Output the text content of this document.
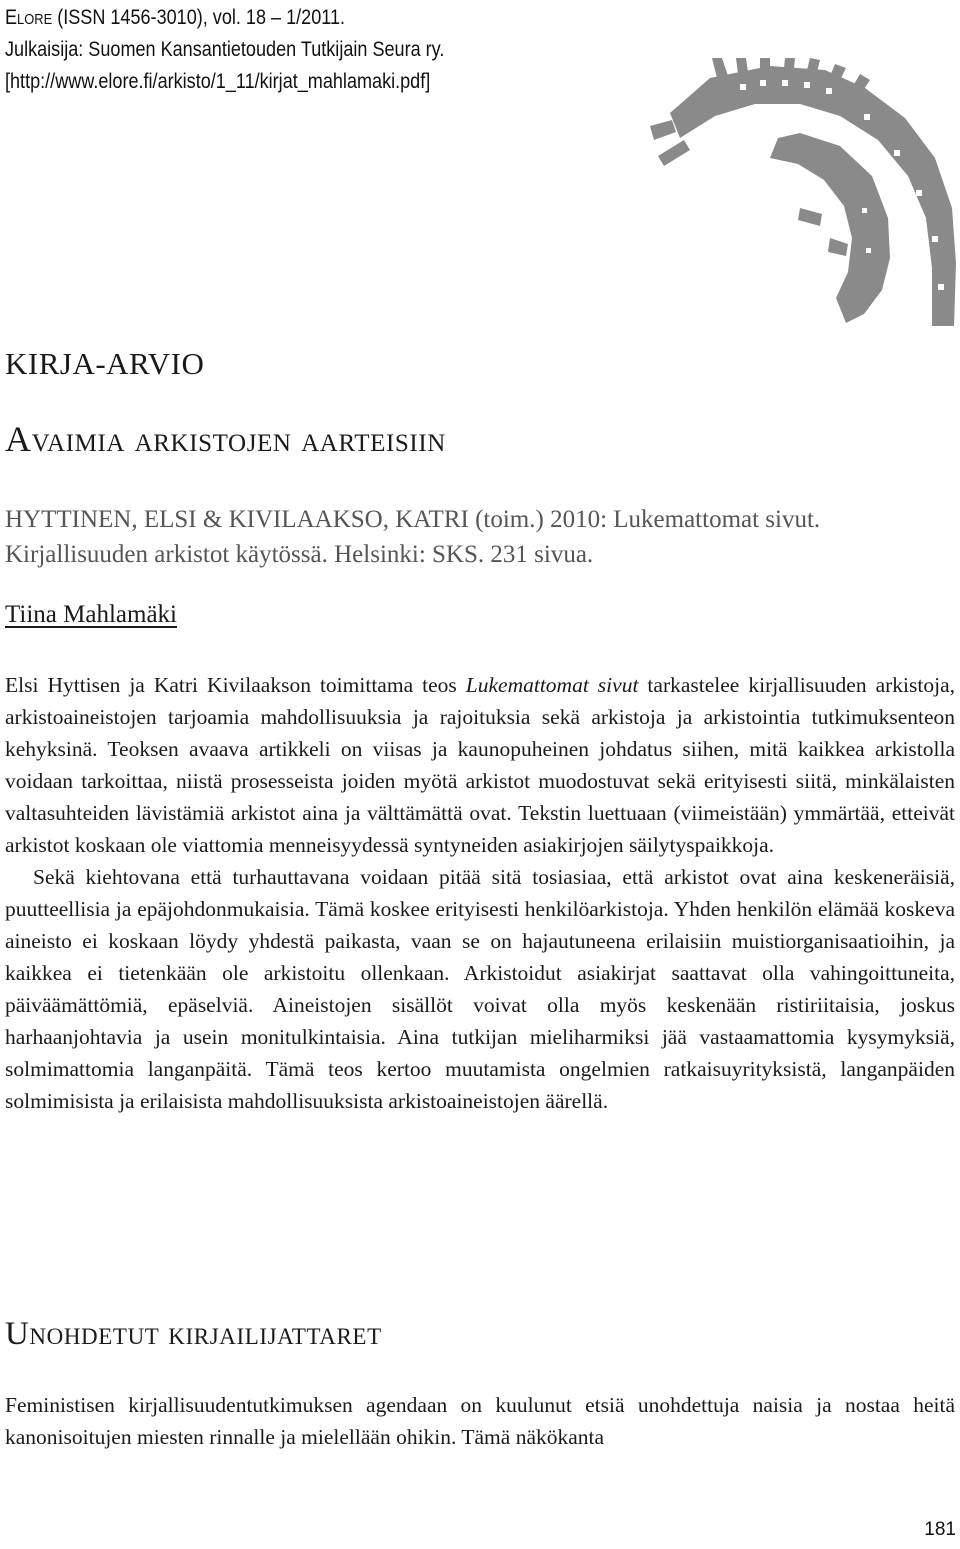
Elore (ISSN 1456-3010), vol. 18 – 1/2011.
Julkaisija: Suomen Kansantietouden Tutkijain Seura ry.
[http://www.elore.fi/arkisto/1_11/kirjat_mahlamaki.pdf]
KIRJA-ARVIO
Avaimia arkistojen aarteisiin
HYTTINEN, ELSI & KIVILAAKSO, KATRI (toim.) 2010: Lukemattomat sivut.
Kirjallisuuden arkistot käytössä. Helsinki: SKS. 231 sivua.
Tiina Mahlamäki

Elsi Hyttisen ja Katri Kivilaakson toimittama teos Lukemattomat sivut tarkastelee kirjallisuuden arkistoja, arkistoaineistojen tarjoamia mahdollisuuksia ja rajoituksia sekä arkistoja ja arkistointia tutkimuksenteon kehyksinä. Teoksen avaava artikkeli on viisas ja kaunopuheinen johdatus siihen, mitä kaikkea arkistolla voidaan tarkoittaa, niistä prosesseista joiden myötä arkistot muodostuvat sekä erityisesti siitä, minkälaisten valtasuhteiden lävistämiä arkistot aina ja välttämättä ovat. Tekstin luettuaan (viimeistään) ymmärtää, etteivät arkistot koskaan ole viattomia menneisyydessä syntyneiden asiakirjojen säilytyspaikkoja.

Sekä kiehtovana että turhauttavana voidaan pitää sitä tosiasiaa, että arkistot ovat aina keskeneräisiä, puutteellisia ja epäjohdonmukaisia. Tämä koskee erityisesti henkilöarkistoja. Yhden henkilön elämää koskeva aineisto ei koskaan löydy yhdestä paikasta, vaan se on hajautuneena erilaisiin muistiorganisaatioihin, ja kaikkea ei tietenkään ole arkistoitu ollenkaan. Arkistoidut asiakirjat saattavat olla vahingoittuneita, päiväämättömiä, epäselviä. Aineistojen sisällöt voivat olla myös keskenään ristiriitaisia, joskus harhaanjohtavia ja usein monitulkintaisia. Aina tutkijan mieliharmiksi jää vastaamattomia kysymyksiä, solmimattomia langanpäitä. Tämä teos kertoo muutamista ongelmien ratkaisuyrityksistä, langanpäiden solmimisista ja erilaisista mahdollisuuksista arkistoaineistojen äärellä.

Unohdetut kirjailijattaret

Feministisen kirjallisuudentutkimuksen agendaan on kuulunut etsiä unohdettuja naisia ja nostaa heitä kanonisoitujen miesten rinnalle ja mielellään ohikin. Tämä näkökanta

181
